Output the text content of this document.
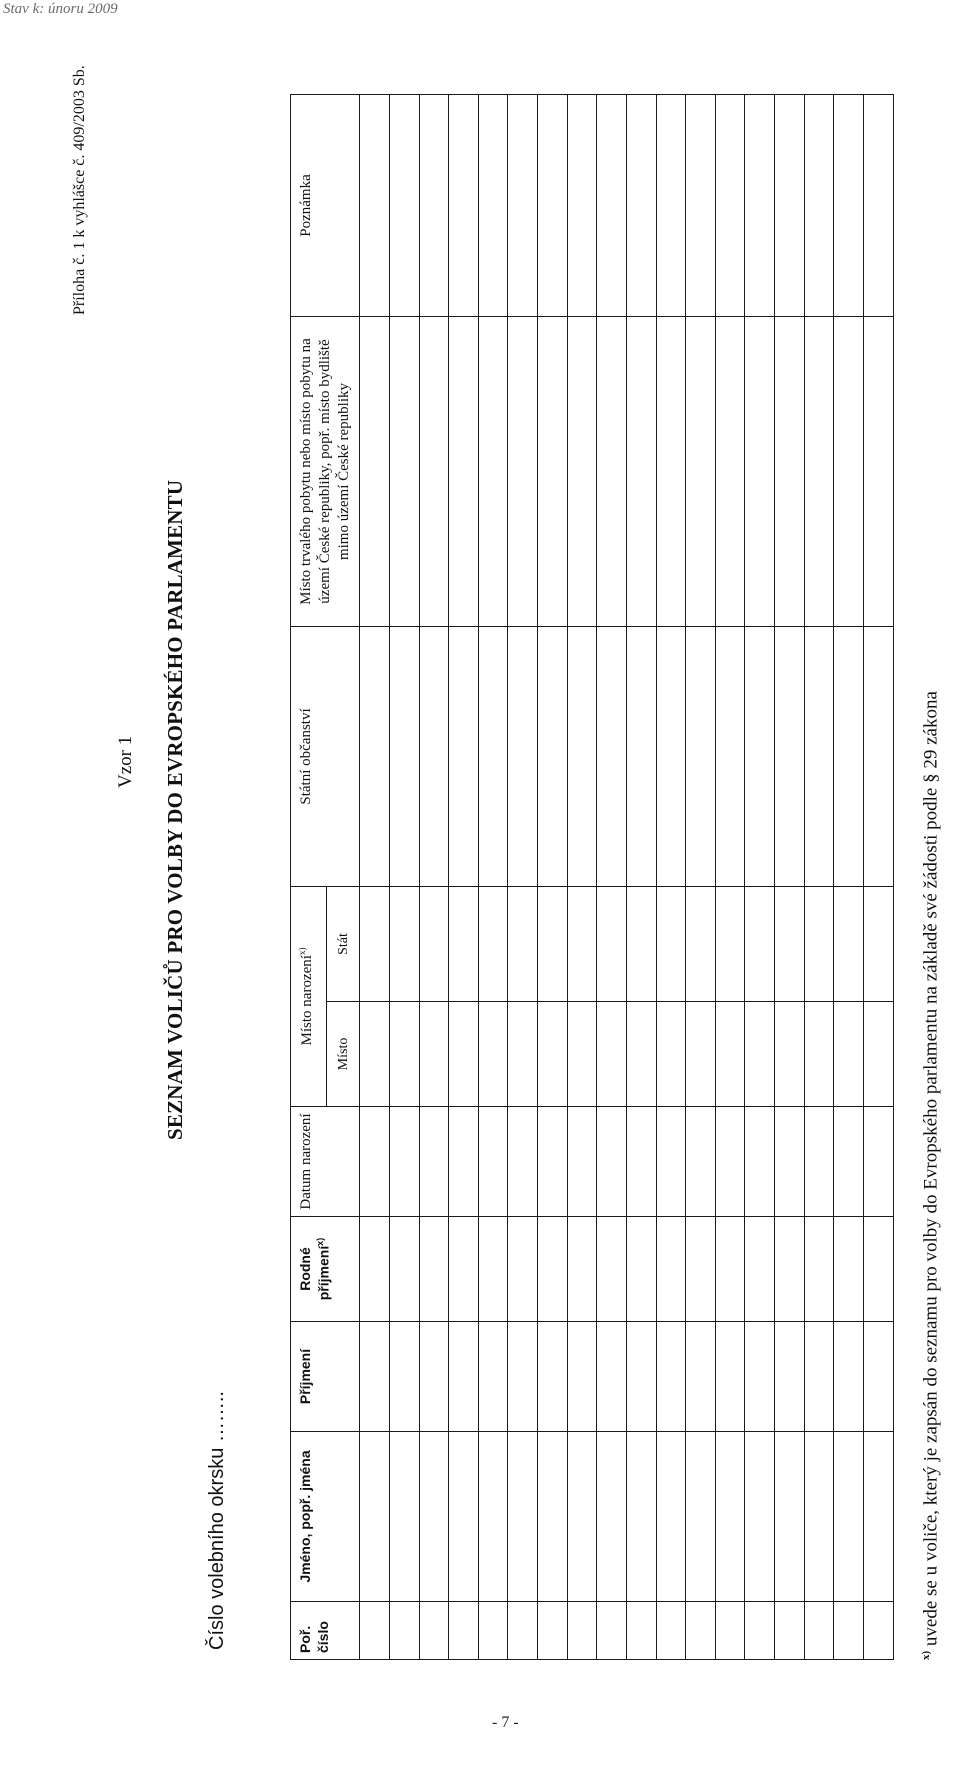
Stav k: únoru 2009
Příloha č. 1 k vyhlášce č. 409/2003 Sb.
Vzor 1 SEZNAM VOLIČŮ PRO VOLBY DO EVROPSKÉHO PARLAMENTU
Číslo volebního okrsku ……..	Poř. číslo	Jméno, popř. jména	Příjmení	Rodné příjmení$^{x)}$	Datum narození	Místo narození$^{x)}$		Státní občanství	Místo trvalého pobytu nebo místo pobytu na území České republiky, popř. místo bydliště mimo území České republiky	Poznámka
					Místo	Stát			

$^{x)}$ uvede se u voliče, který je zapsán do seznamu pro volby do Evropského parlamentu na základě své žádosti podle § 29 zákona
- 7 -
